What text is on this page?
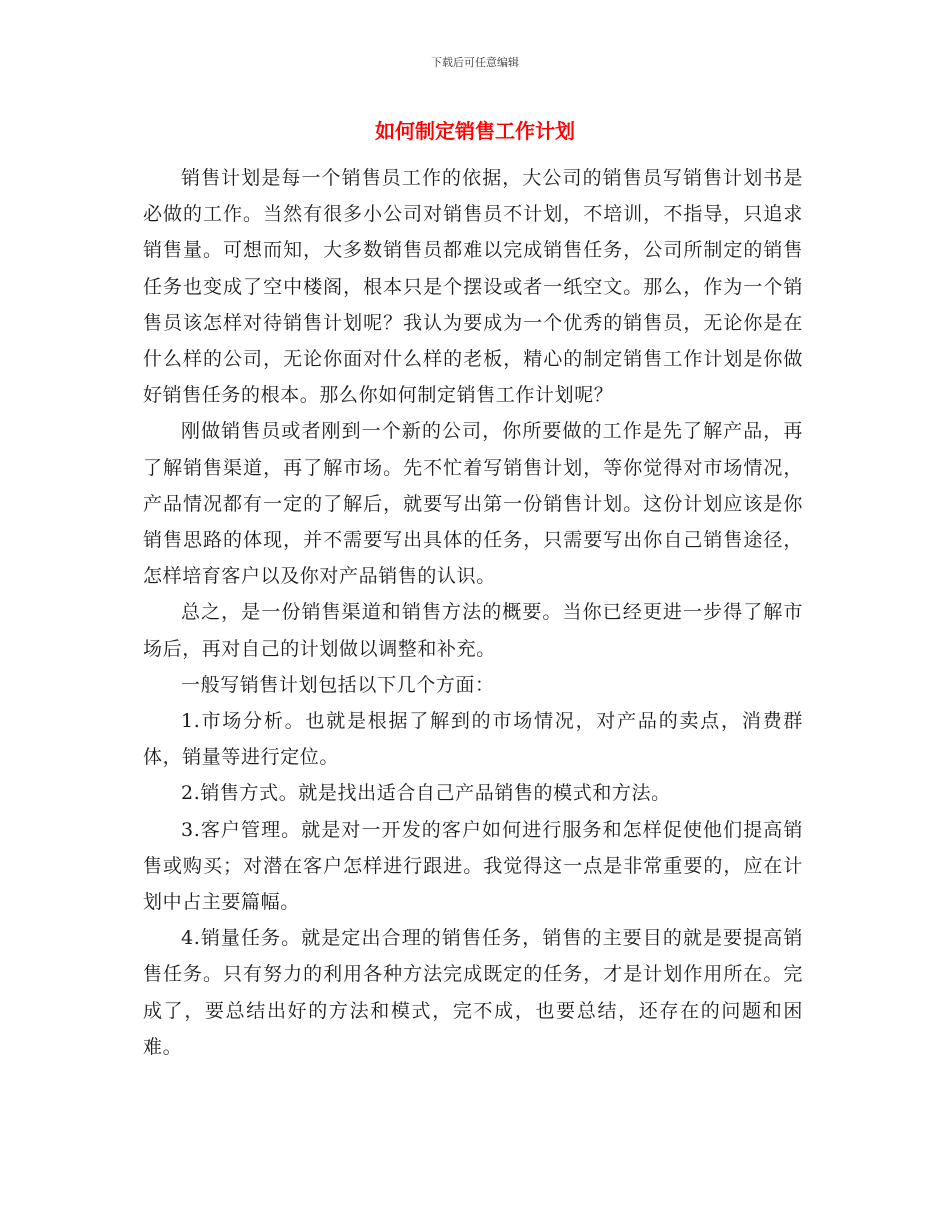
下载后可任意编辑
如何制定销售工作计划

销售计划是每一个销售员工作的依据，大公司的销售员写销售计划书是必做的工作。当然有很多小公司对销售员不计划，不培训，不指导，只追求销售量。可想而知，大多数销售员都难以完成销售任务，公司所制定的销售任务也变成了空中楼阁，根本只是个摆设或者一纸空文。那么，作为一个销售员该怎样对待销售计划呢？我认为要成为一个优秀的销售员，无论你是在什么样的公司，无论你面对什么样的老板，精心的制定销售工作计划是你做好销售任务的根本。那么你如何制定销售工作计划呢？

刚做销售员或者刚到一个新的公司，你所要做的工作是先了解产品，再了解销售渠道，再了解市场。先不忙着写销售计划，等你觉得对市场情况，产品情况都有一定的了解后，就要写出第一份销售计划。这份计划应该是你销售思路的体现，并不需要写出具体的任务，只需要写出你自己销售途径，怎样培育客户以及你对产品销售的认识。

总之，是一份销售渠道和销售方法的概要。当你已经更进一步得了解市场后，再对自己的计划做以调整和补充。

一般写销售计划包括以下几个方面：

1.市场分析。也就是根据了解到的市场情况，对产品的卖点，消费群体，销量等进行定位。

2.销售方式。就是找出适合自己产品销售的模式和方法。

3.客户管理。就是对一开发的客户如何进行服务和怎样促使他们提高销售或购买；对潜在客户怎样进行跟进。我觉得这一点是非常重要的，应在计划中占主要篇幅。

4.销量任务。就是定出合理的销售任务，销售的主要目的就是要提高销售任务。只有努力的利用各种方法完成既定的任务，才是计划作用所在。完成了，要总结出好的方法和模式，完不成，也要总结，还存在的问题和困难。
